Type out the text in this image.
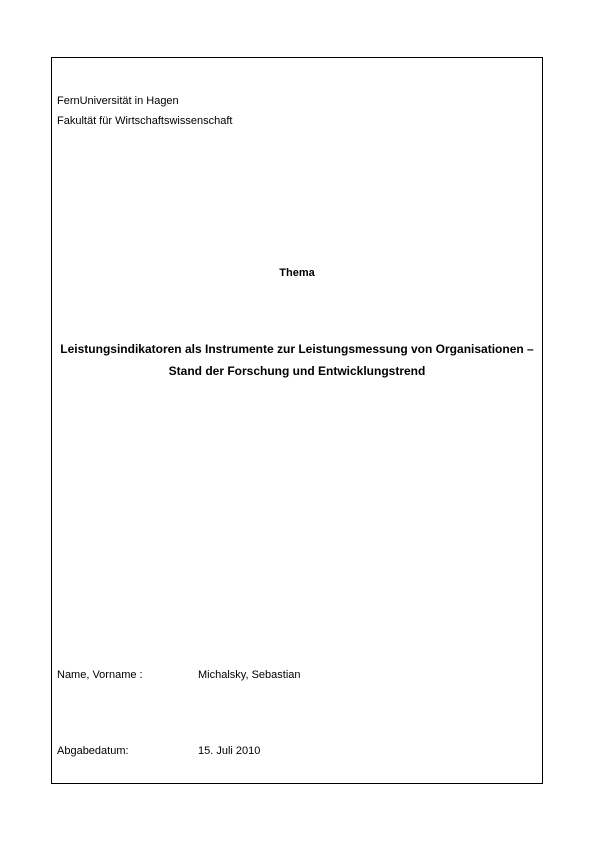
FernUniversität in Hagen
Fakultät für Wirtschaftswissenschaft
Thema
Leistungsindikatoren als Instrumente zur Leistungsmessung von Organisationen –
Stand der Forschung und Entwicklungstrend
Name, Vorname :	Michalsky, Sebastian
Abgabedatum:	15. Juli 2010
